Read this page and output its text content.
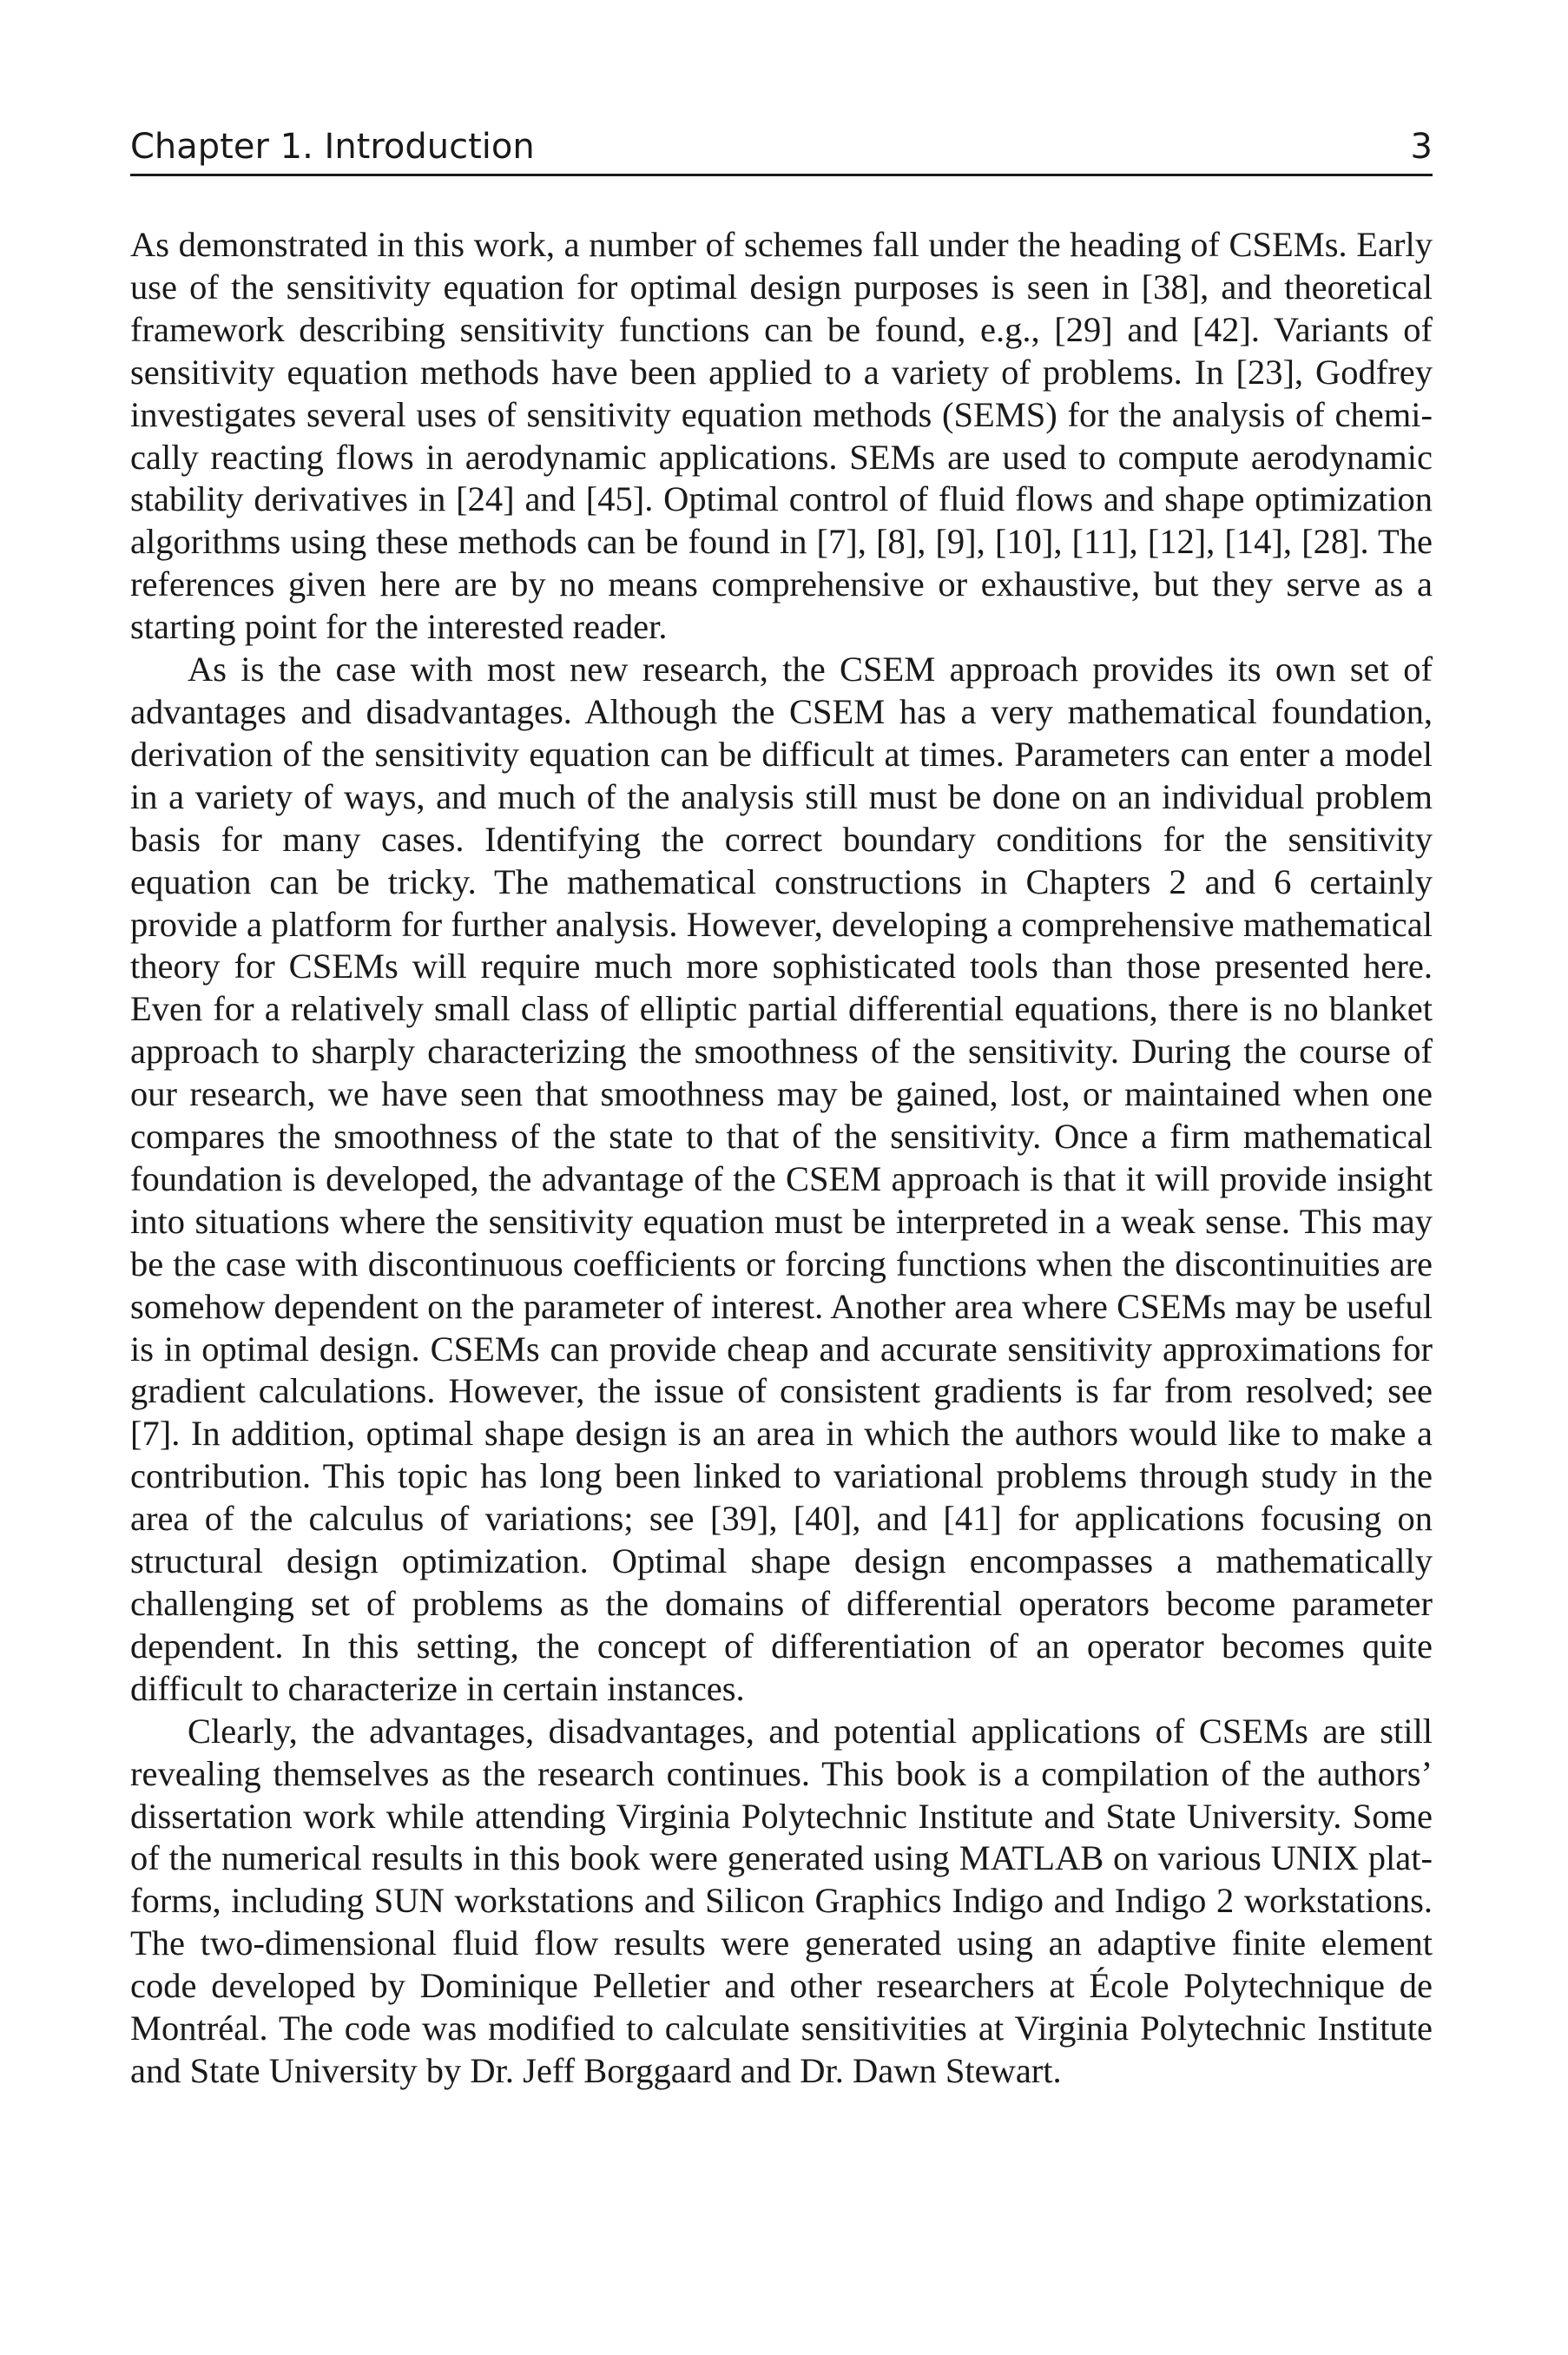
Chapter 1. Introduction	3

As demonstrated in this work, a number of schemes fall under the heading of CSEMs. Early use of the sensitivity equation for optimal design purposes is seen in [38], and theoretical framework describing sensitivity functions can be found, e.g., [29] and [42]. Variants of sensitivity equation methods have been applied to a variety of problems. In [23], Godfrey investigates several uses of sensitivity equation methods (SEMS) for the analysis of chemically reacting flows in aerodynamic applications. SEMs are used to compute aerodynamic stability derivatives in [24] and [45]. Optimal control of fluid flows and shape optimization algorithms using these methods can be found in [7], [8], [9], [10], [11], [12], [14], [28]. The references given here are by no means comprehensive or exhaustive, but they serve as a starting point for the interested reader.

As is the case with most new research, the CSEM approach provides its own set of advantages and disadvantages. Although the CSEM has a very mathematical foundation, derivation of the sensitivity equation can be difficult at times. Parameters can enter a model in a variety of ways, and much of the analysis still must be done on an individual problem basis for many cases. Identifying the correct boundary conditions for the sensitivity equation can be tricky. The mathematical constructions in Chapters 2 and 6 certainly provide a platform for further analysis. However, developing a comprehensive mathematical theory for CSEMs will require much more sophisticated tools than those presented here. Even for a relatively small class of elliptic partial differential equations, there is no blanket approach to sharply characterizing the smoothness of the sensitivity. During the course of our research, we have seen that smoothness may be gained, lost, or maintained when one compares the smoothness of the state to that of the sensitivity. Once a firm mathematical foundation is developed, the advantage of the CSEM approach is that it will provide insight into situations where the sensitivity equation must be interpreted in a weak sense. This may be the case with discontinuous coefficients or forcing functions when the discontinuities are somehow dependent on the parameter of interest. Another area where CSEMs may be useful is in optimal design. CSEMs can provide cheap and accurate sensitivity approximations for gradient calculations. However, the issue of consistent gradients is far from resolved; see [7]. In addition, optimal shape design is an area in which the authors would like to make a contribution. This topic has long been linked to variational problems through study in the area of the calculus of variations; see [39], [40], and [41] for applications focusing on structural design optimization. Optimal shape design encompasses a mathematically challenging set of problems as the domains of differential operators become parameter dependent. In this setting, the concept of differentiation of an operator becomes quite difficult to characterize in certain instances.

Clearly, the advantages, disadvantages, and potential applications of CSEMs are still revealing themselves as the research continues. This book is a compilation of the authors’ dissertation work while attending Virginia Polytechnic Institute and State University. Some of the numerical results in this book were generated using MATLAB on various UNIX platforms, including SUN workstations and Silicon Graphics Indigo and Indigo 2 workstations. The two-dimensional fluid flow results were generated using an adaptive finite element code developed by Dominique Pelletier and other researchers at École Polytechnique de Montréal. The code was modified to calculate sensitivities at Virginia Polytechnic Institute and State University by Dr. Jeff Borggaard and Dr. Dawn Stewart.
